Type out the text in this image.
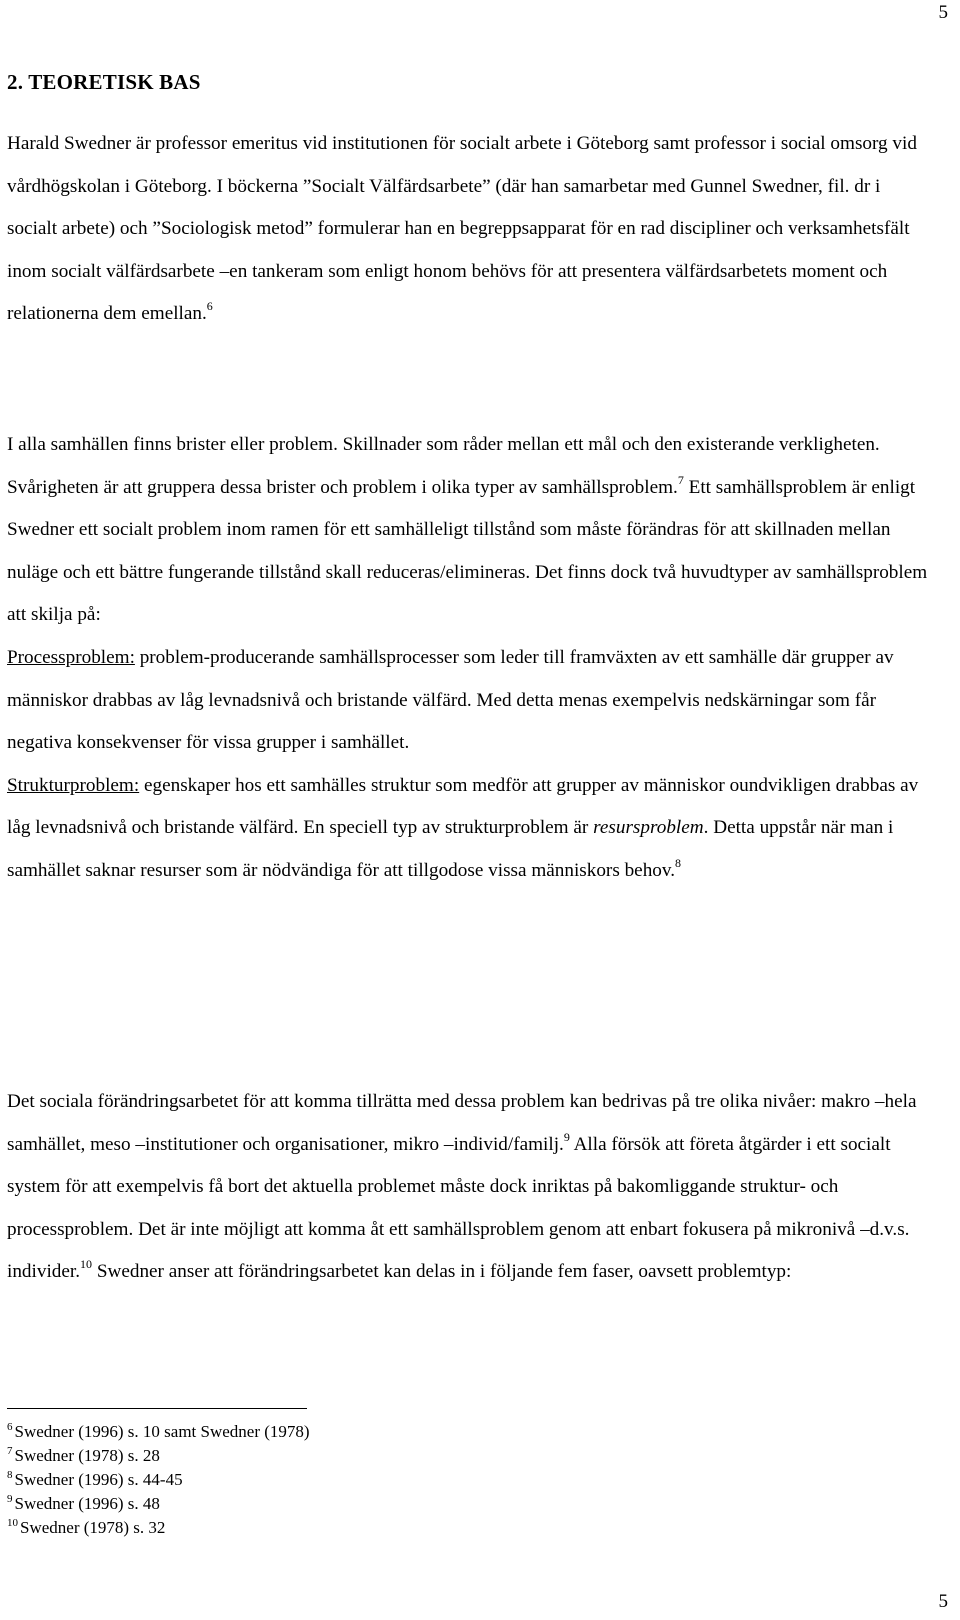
5
2. TEORETISK BAS

Harald Swedner är professor emeritus vid institutionen för socialt arbete i Göteborg samt professor i social omsorg vid vårdhögskolan i Göteborg. I böckerna ”Socialt Välfärdsarbete” (där han samarbetar med Gunnel Swedner, fil. dr i socialt arbete) och ”Sociologisk metod” formulerar han en begreppsapparat för en rad discipliner och verksamhetsfält inom socialt välfärdsarbete –en tankeram som enligt honom behövs för att presentera välfärdsarbetets moment och relationerna dem emellan.$^6$

I alla samhällen finns brister eller problem. Skillnader som råder mellan ett mål och den existerande verkligheten. Svårigheten är att gruppera dessa brister och problem i olika typer av samhällsproblem.$^7$ Ett samhällsproblem är enligt Swedner ett socialt problem inom ramen för ett samhälleligt tillstånd som måste förändras för att skillnaden mellan nuläge och ett bättre fungerande tillstånd skall reduceras/elimineras. Det finns dock två huvudtyper av samhällsproblem att skilja på:
Processproblem: problem-producerande samhällsprocesser som leder till framväxten av ett samhälle där grupper av människor drabbas av låg levnadsnivå och bristande välfärd. Med detta menas exempelvis nedskärningar som får negativa konsekvenser för vissa grupper i samhället.
Strukturproblem: egenskaper hos ett samhälles struktur som medför att grupper av människor oundvikligen drabbas av låg levnadsnivå och bristande välfärd. En speciell typ av strukturproblem är resursproblem. Detta uppstår när man i samhället saknar resurser som är nödvändiga för att tillgodose vissa människors behov.$^8$

Det sociala förändringsarbetet för att komma tillrätta med dessa problem kan bedrivas på tre olika nivåer: makro –hela samhället, meso –institutioner och organisationer, mikro –individ/familj.$^9$ Alla försök att företa åtgärder i ett socialt system för att exempelvis få bort det aktuella problemet måste dock inriktas på bakomliggande struktur- och processproblem. Det är inte möjligt att komma åt ett samhällsproblem genom att enbart fokusera på mikronivå –d.v.s. individer.$^{10}$ Swedner anser att förändringsarbetet kan delas in i följande fem faser, oavsett problemtyp:

$^6$ Swedner (1996) s. 10 samt Swedner (1978)
$^7$ Swedner (1978) s. 28
$^8$ Swedner (1996) s. 44-45
$^9$ Swedner (1996) s. 48
$^{10}$ Swedner (1978) s. 32
5
